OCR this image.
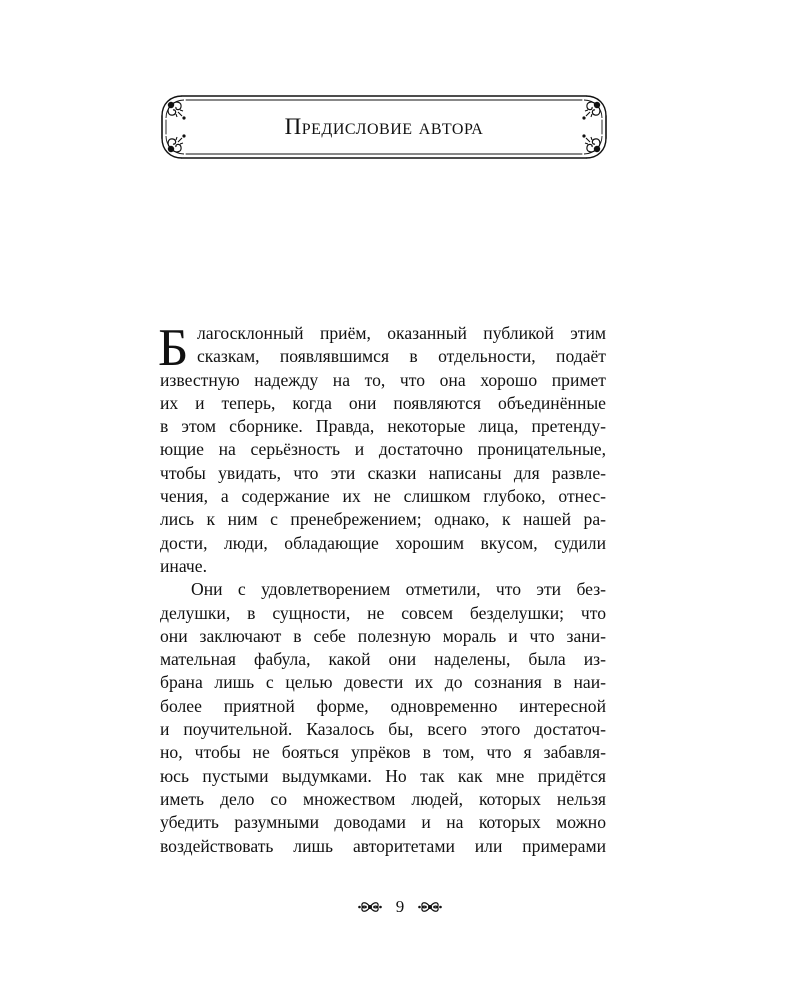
Предисловие автора
Б лагосклонный приём, оказанный публикой этим
сказкам, появлявшимся в отдельности, подаёт
известную надежду на то, что она хорошо примет
их и теперь, когда они появляются объединённые
в этом сборнике. Правда, некоторые лица, претенду-
ющие на серьёзность и достаточно проницательные,
чтобы увидать, что эти сказки написаны для развле-
чения, а содержание их не слишком глубоко, отнес-
лись к ним с пренебрежением; однако, к нашей ра-
дости, люди, обладающие хорошим вкусом, судили
иначе.
Они с удовлетворением отметили, что эти без-
делушки, в сущности, не совсем безделушки; что
они заключают в себе полезную мораль и что зани-
мательная фабула, какой они наделены, была из-
брана лишь с целью довести их до сознания в наи-
более приятной форме, одновременно интересной
и поучительной. Казалось бы, всего этого достаточ-
но, чтобы не бояться упрёков в том, что я забавля-
юсь пустыми выдумками. Но так как мне придётся
иметь дело со множеством людей, которых нельзя
убедить разумными доводами и на которых можно
воздействовать лишь авторитетами или примерами
9
